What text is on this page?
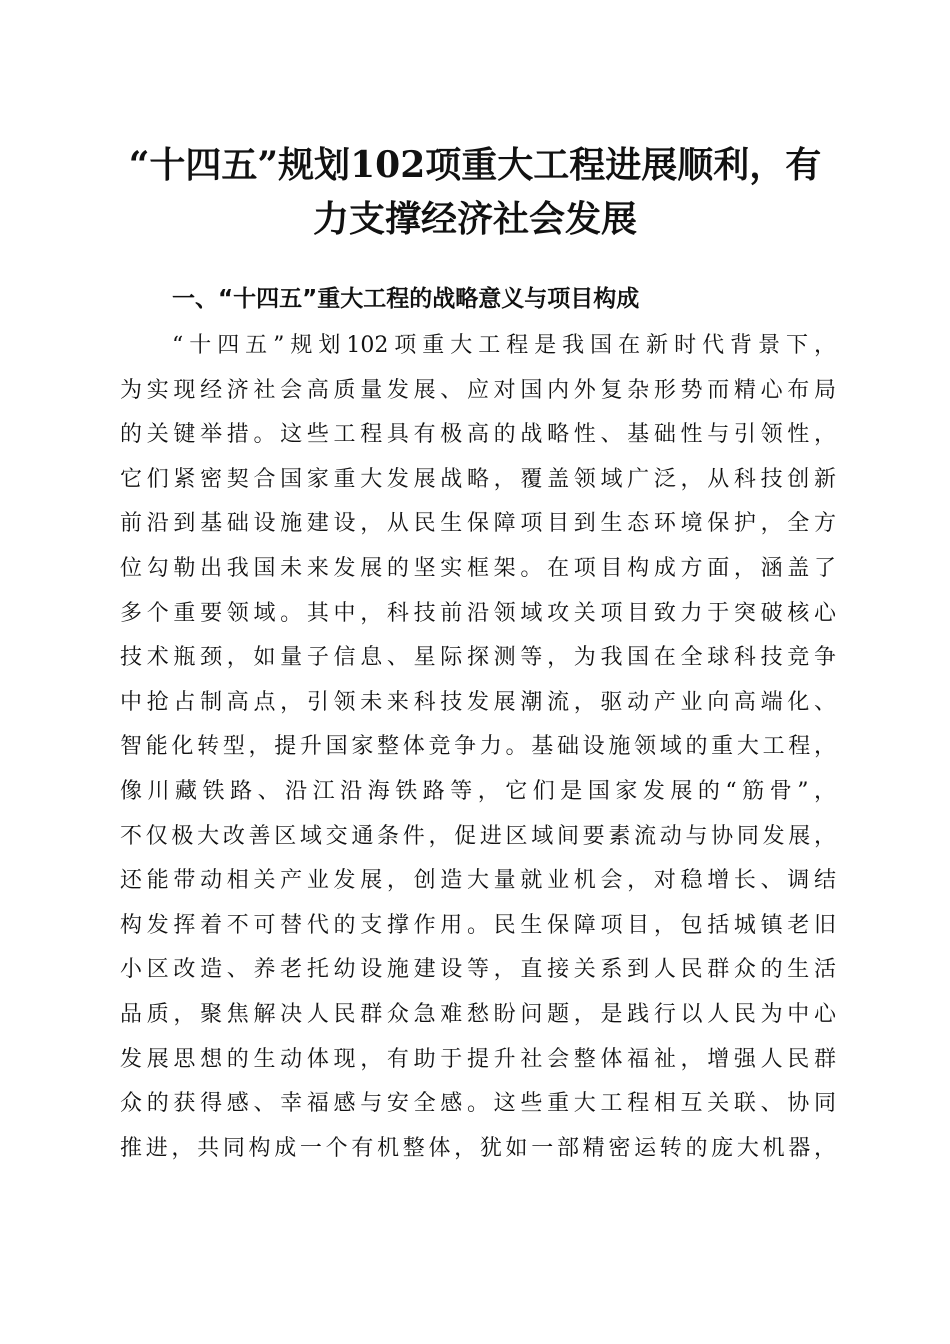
“十四五”规划102项重大工程进展顺利，有
力支撑经济社会发展
一、“十四五”重大工程的战略意义与项目构成
“十四五”规划102项重大工程是我国在新时代背景下，
为实现经济社会高质量发展、应对国内外复杂形势而精心布局
的关键举措。这些工程具有极高的战略性、基础性与引领性，
它们紧密契合国家重大发展战略，覆盖领域广泛，从科技创新
前沿到基础设施建设，从民生保障项目到生态环境保护，全方
位勾勒出我国未来发展的坚实框架。在项目构成方面，涵盖了
多个重要领域。其中，科技前沿领域攻关项目致力于突破核心
技术瓶颈，如量子信息、星际探测等，为我国在全球科技竞争
中抢占制高点，引领未来科技发展潮流，驱动产业向高端化、
智能化转型，提升国家整体竞争力。基础设施领域的重大工程，
像川藏铁路、沿江沿海铁路等，它们是国家发展的“筋骨”，
不仅极大改善区域交通条件，促进区域间要素流动与协同发展，
还能带动相关产业发展，创造大量就业机会，对稳增长、调结
构发挥着不可替代的支撑作用。民生保障项目，包括城镇老旧
小区改造、养老托幼设施建设等，直接关系到人民群众的生活
品质，聚焦解决人民群众急难愁盼问题，是践行以人民为中心
发展思想的生动体现，有助于提升社会整体福祉，增强人民群
众的获得感、幸福感与安全感。这些重大工程相互关联、协同
推进，共同构成一个有机整体，犹如一部精密运转的庞大机器，
